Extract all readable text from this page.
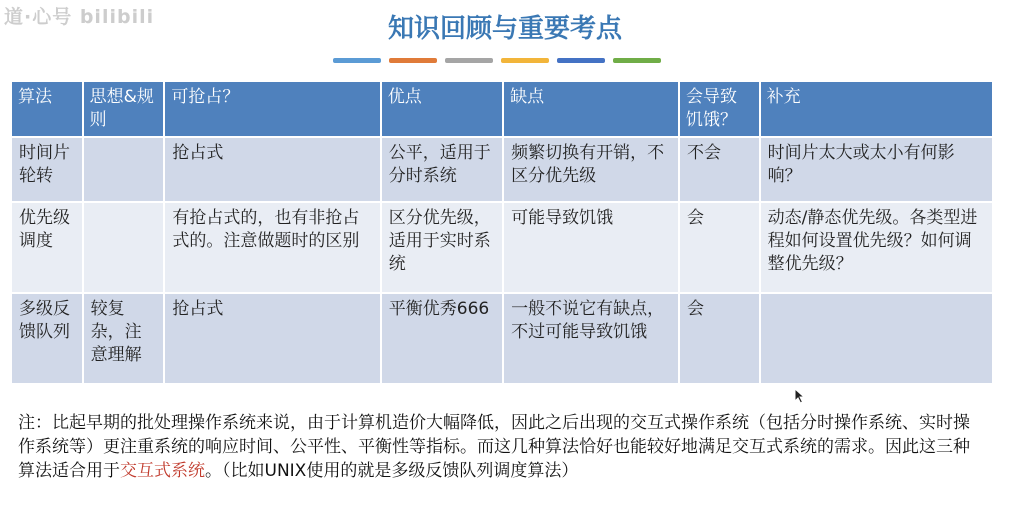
道·心号 bilibili	知识回顾与重要考点
算法	思想&规则	可抢占？	优点	缺点	会导致饥饿？	补充
时间片轮转		抢占式	公平，适用于分时系统	频繁切换有开销，不区分优先级	不会	时间片太大或太小有何影响？
优先级调度		有抢占式的，也有非抢占式的。注意做题时的区别	区分优先级，适用于实时系统	可能导致饥饿	会	动态/静态优先级。各类型进程如何设置优先级？如何调整优先级？
多级反馈队列	较复杂，注意理解	抢占式	平衡优秀666	一般不说它有缺点，不过可能导致饥饿	会	
注：比起早期的批处理操作系统来说，由于计算机造价大幅降低，因此之后出现的交互式操作系统（包括分时操作系统、实时操作系统等）更注重系统的响应时间、公平性、平衡性等指标。而这几种算法恰好也能较好地满足交互式系统的需求。因此这三种算法适合用于交互式系统。（比如UNIX使用的就是多级反馈队列调度算法）
